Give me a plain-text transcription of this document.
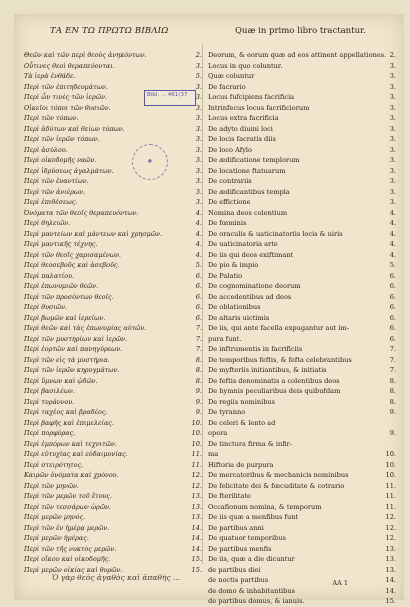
ΤΑ ΕΝ ΤΩ ΠΡΩΤΩ ΒΙΒΛΙΩ	Quæ in primo libro tractantur.
Θεῶν καὶ τῶν περὶ θεοὺς ἀνηκόντων.	2.
Οὗτινες θεοὶ θεραπεύονται.	3.
Τὰ ἱερὰ ἐνθάδε.	5.
Περὶ τῶν ἐπιτηδευμάτων.	3.
Περὶ ὧν τινὲς τῶν ἱερῶν.	3.
Οἰκεῖοι τόποι τῶν θυσιῶν.	3.
Περὶ τῶν τόπων.	3.
Περὶ ἀδύτων καὶ θείων τόπων.	3.
Περὶ τῶν ἱερῶν τόπων.	3.
Περὶ ἀσύλου.	3.
Περὶ οἰκοδομῆς ναῶν.	3.
Περὶ ἱδρύσεως ἀγαλμάτων.	3.
Περὶ τῶν ἐναντίων.	3.
Περὶ τῶν ἀνιέρων.	3.
Περὶ ἐπιθέσεως.	3.
Ὀνόματα τῶν θεοῖς θεραπευόντων.	4.
Περὶ θηλειῶν.	4.
Περὶ μαντείων καὶ μάντεων καὶ χρησμῶν.	4.
Περὶ μαντικῆς τέχνης.	4.
Περὶ τῶν θεοῖς χαρισαμένων.	4.
Περὶ θεοσεβοῦς καὶ ἀσεβοῦς.	5.
Περὶ παλατίου.	6.
Περὶ ἐπωνυμιῶν θεῶν.	6.
Περὶ τῶν προσόντων θεοῖς.	6.
Περὶ θυσιῶν.	6.
Περὶ βωμῶν καὶ ἱερείων.	6.
Περὶ θεῶν καὶ τὰς ἐπωνυμίας αὐτῶν.	7.
Περὶ τῶν μυστηρίων καὶ ἱερῶν.	7.
Περὶ ἑορτῶν καὶ πανηγύρεων.	7.
Περὶ τῶν εἰς τὰ μυστήρια.	8.
Περὶ τῶν ἱερῶν κηρυγμάτων.	8.
Περὶ ὕμνων καὶ ᾠδῶν.	8.
Περὶ βασιλέων.	9.
Περὶ τυράννου.	9.
Περὶ ταχέος καὶ βραδέος.	9.
Περὶ βαφῆς καὶ ἐπιμελείας.	10.
Περὶ πορφύρας.	10.
Περὶ ἐμπόρων καὶ τεχνιτῶν.	10.
Περὶ εὐτυχίας καὶ εὐδαιμονίας.	11.
Περὶ στειρότητος.	11.
Καιρῶν ὀνόματα καὶ χρόνου.	12.
Περὶ τῶν μηνῶν.	12.
Περὶ τῶν μερῶν τοῦ ἔτους.	13.
Περὶ τῶν τεσσάρων ὡρῶν.	13.
Περὶ μερῶν μηνός.	13.
Περὶ τῶν ἐν ἡμέρᾳ μερῶν.	14.
Περὶ μερῶν ἡμέρας.	14.
Περὶ τῶν τῆς νυκτὸς μερῶν.	14.
Περὶ οἴκου καὶ οἰκοδομῆς.	15.
Περὶ μερῶν οἰκίας καὶ θυρῶν.	15.
Deorum, & eorum quæ ad eos attinent appellationes. 2.
Locus in quo coluntur.	3.
Quæ coluntur	3.
De facrario	3.
Locus fufcipiens facrificia	3.
Intrinfecus locus facrificiorum	3.
Locus extra facrificia	3.
De adyto diuini loci	3.
De locis facratis diis	3.
De loco Afylo	3.
De ædificatione templorum	3.
De locatione ftatuarum	3.
De contrariis	3.
De ædificantibus templa	3.
De effictione	3.
Nomina deos colentium	4.
De fœminis	4.
De oraculis & uaticinatoriis locis & uiris	4.
De uaticinatoria arte	4.
De iis qui deos exiftimant	4.
De pio & impio	5.
De Palatio	6.
De cognominatione deorum	6.
De accedentibus ad deos	6.
De oblationibus	6.
De altaris uictimis	6.
De iis, qui ante facella expugantur aut im-	6.
pura funt.	6.
De inftrumentis in facrificiis	7.
De temporibus feftis, & fefta celebrantibus	7.
De myfteriis initiantibus, & initiatis	7.
De feftis denominatis a colentibus deos	8.
De hymnis peculiaribus deis quibufdam	8.
De regiis nominibus	8.
De tyranno	9.
De celeri & lento ad
opera	9.
De tinctura firma & infir-
ma	10.
Hiftoria de purpura	10.
De mercatoribus & mechanicis nominibus	10.
De felicitate dei & fœcuditate & cotrario	11.
De fterilitate	11.
Occafionum nomina, & temporum	11.
De iis quæ a menfibus funt	12.
De partibus anni	12.
De quatuor temporibus	12.
De partibus menfis	13.
De iis, quæ a die dicuntur	13.
de partibus diei	13.
de noctis partibus	14.
de domo & inhabitantibus	14.
de partibus domus, & ianuis.	15.
Bibl. ... 461(37
●
Ὁ γὰρ θεὸς ἀγαθὸς καὶ ἀπαθὴς ...
AA 1
